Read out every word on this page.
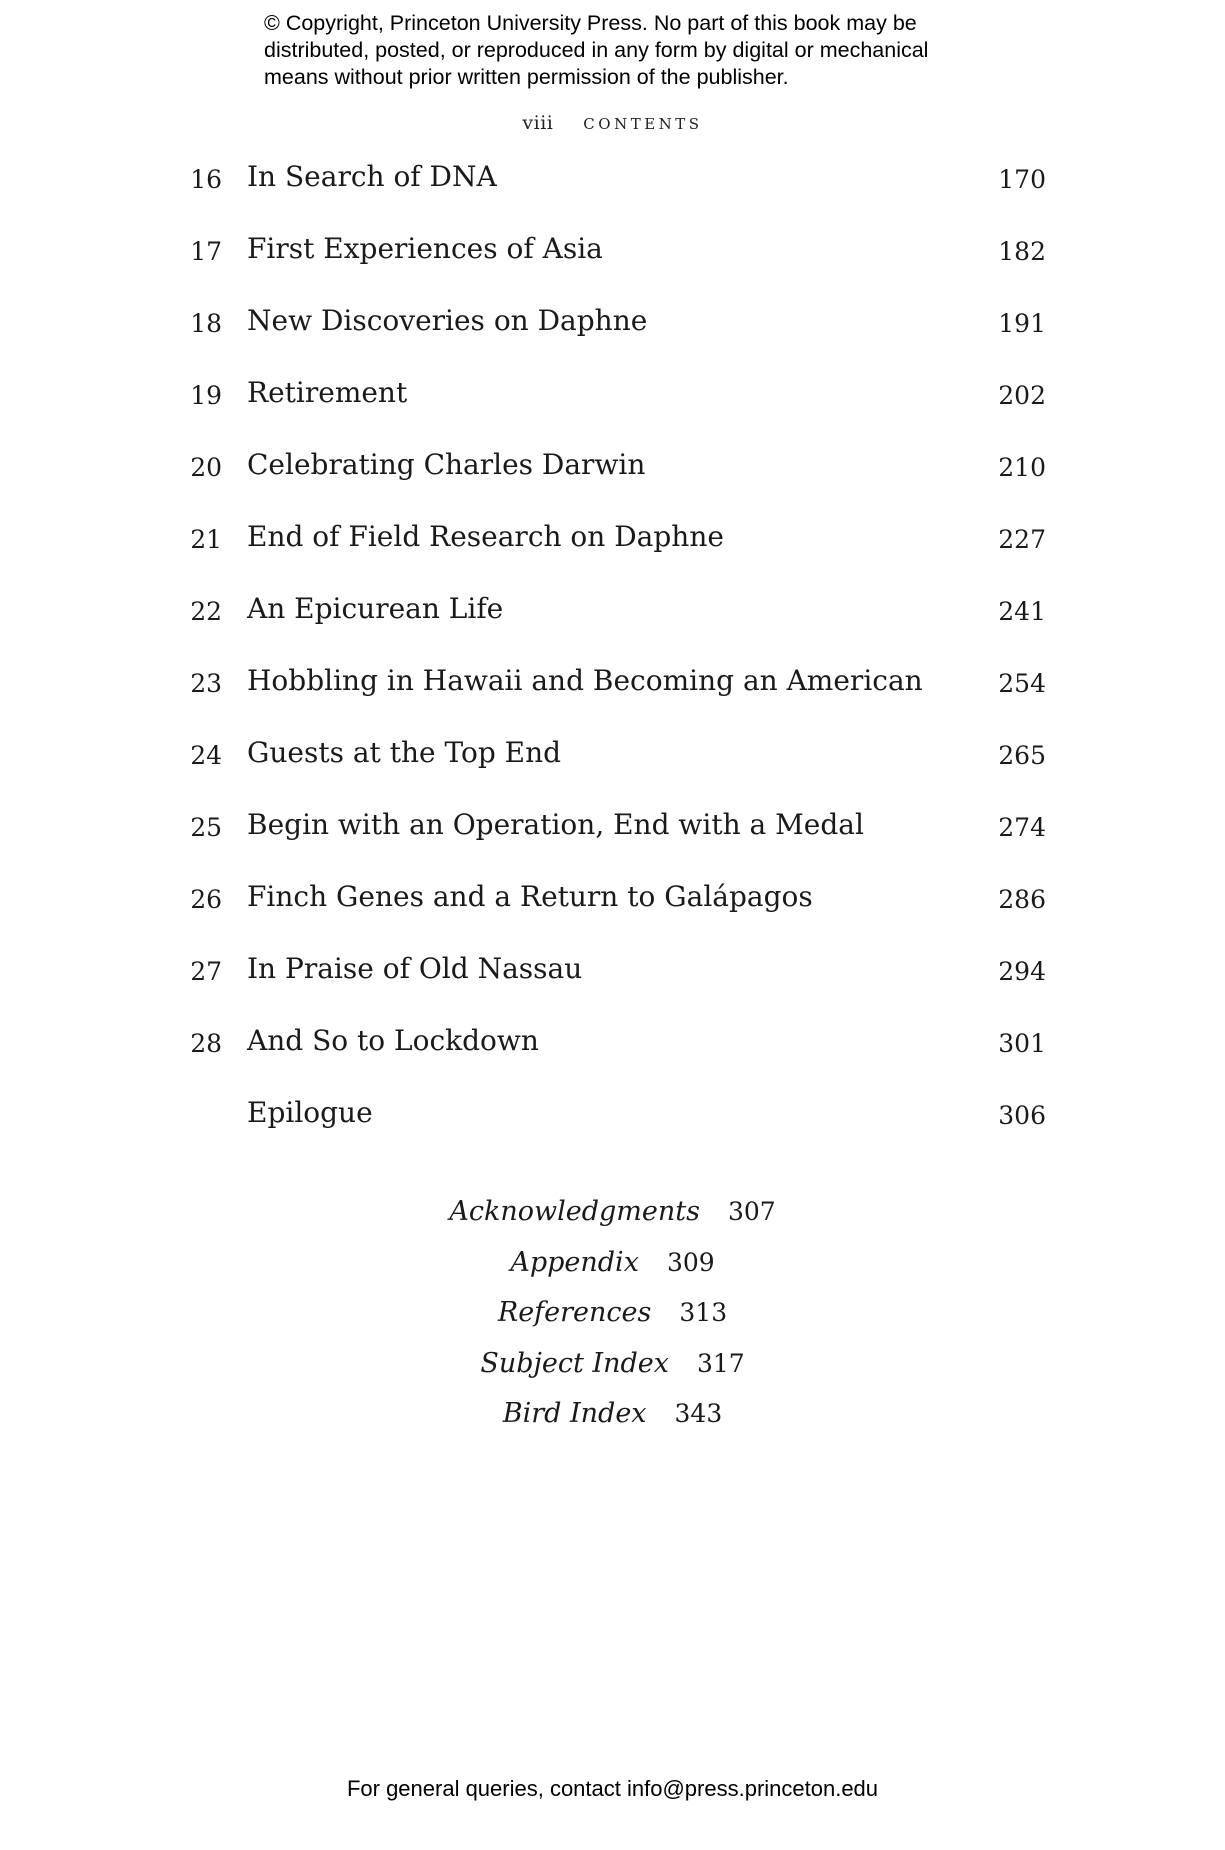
© Copyright, Princeton University Press. No part of this book may be
distributed, posted, or reproduced in any form by digital or mechanical
means without prior written permission of the publisher.
viii CONTENTS
16 In Search of DNA	170
17 First Experiences of Asia	182
18 New Discoveries on Daphne	191
19 Retirement	202
20 Celebrating Charles Darwin	210
21 End of Field Research on Daphne	227
22 An Epicurean Life	241
23 Hobbling in Hawaii and Becoming an American	254
24 Guests at the Top End	265
25 Begin with an Operation, End with a Medal	274
26 Finch Genes and a Return to Galápagos	286
27 In Praise of Old Nassau	294
28 And So to Lockdown	301
Epilogue	306
Acknowledgments 307
Appendix 309
References 313
Subject Index 317
Bird Index 343
For general queries, contact info@press.princeton.edu
